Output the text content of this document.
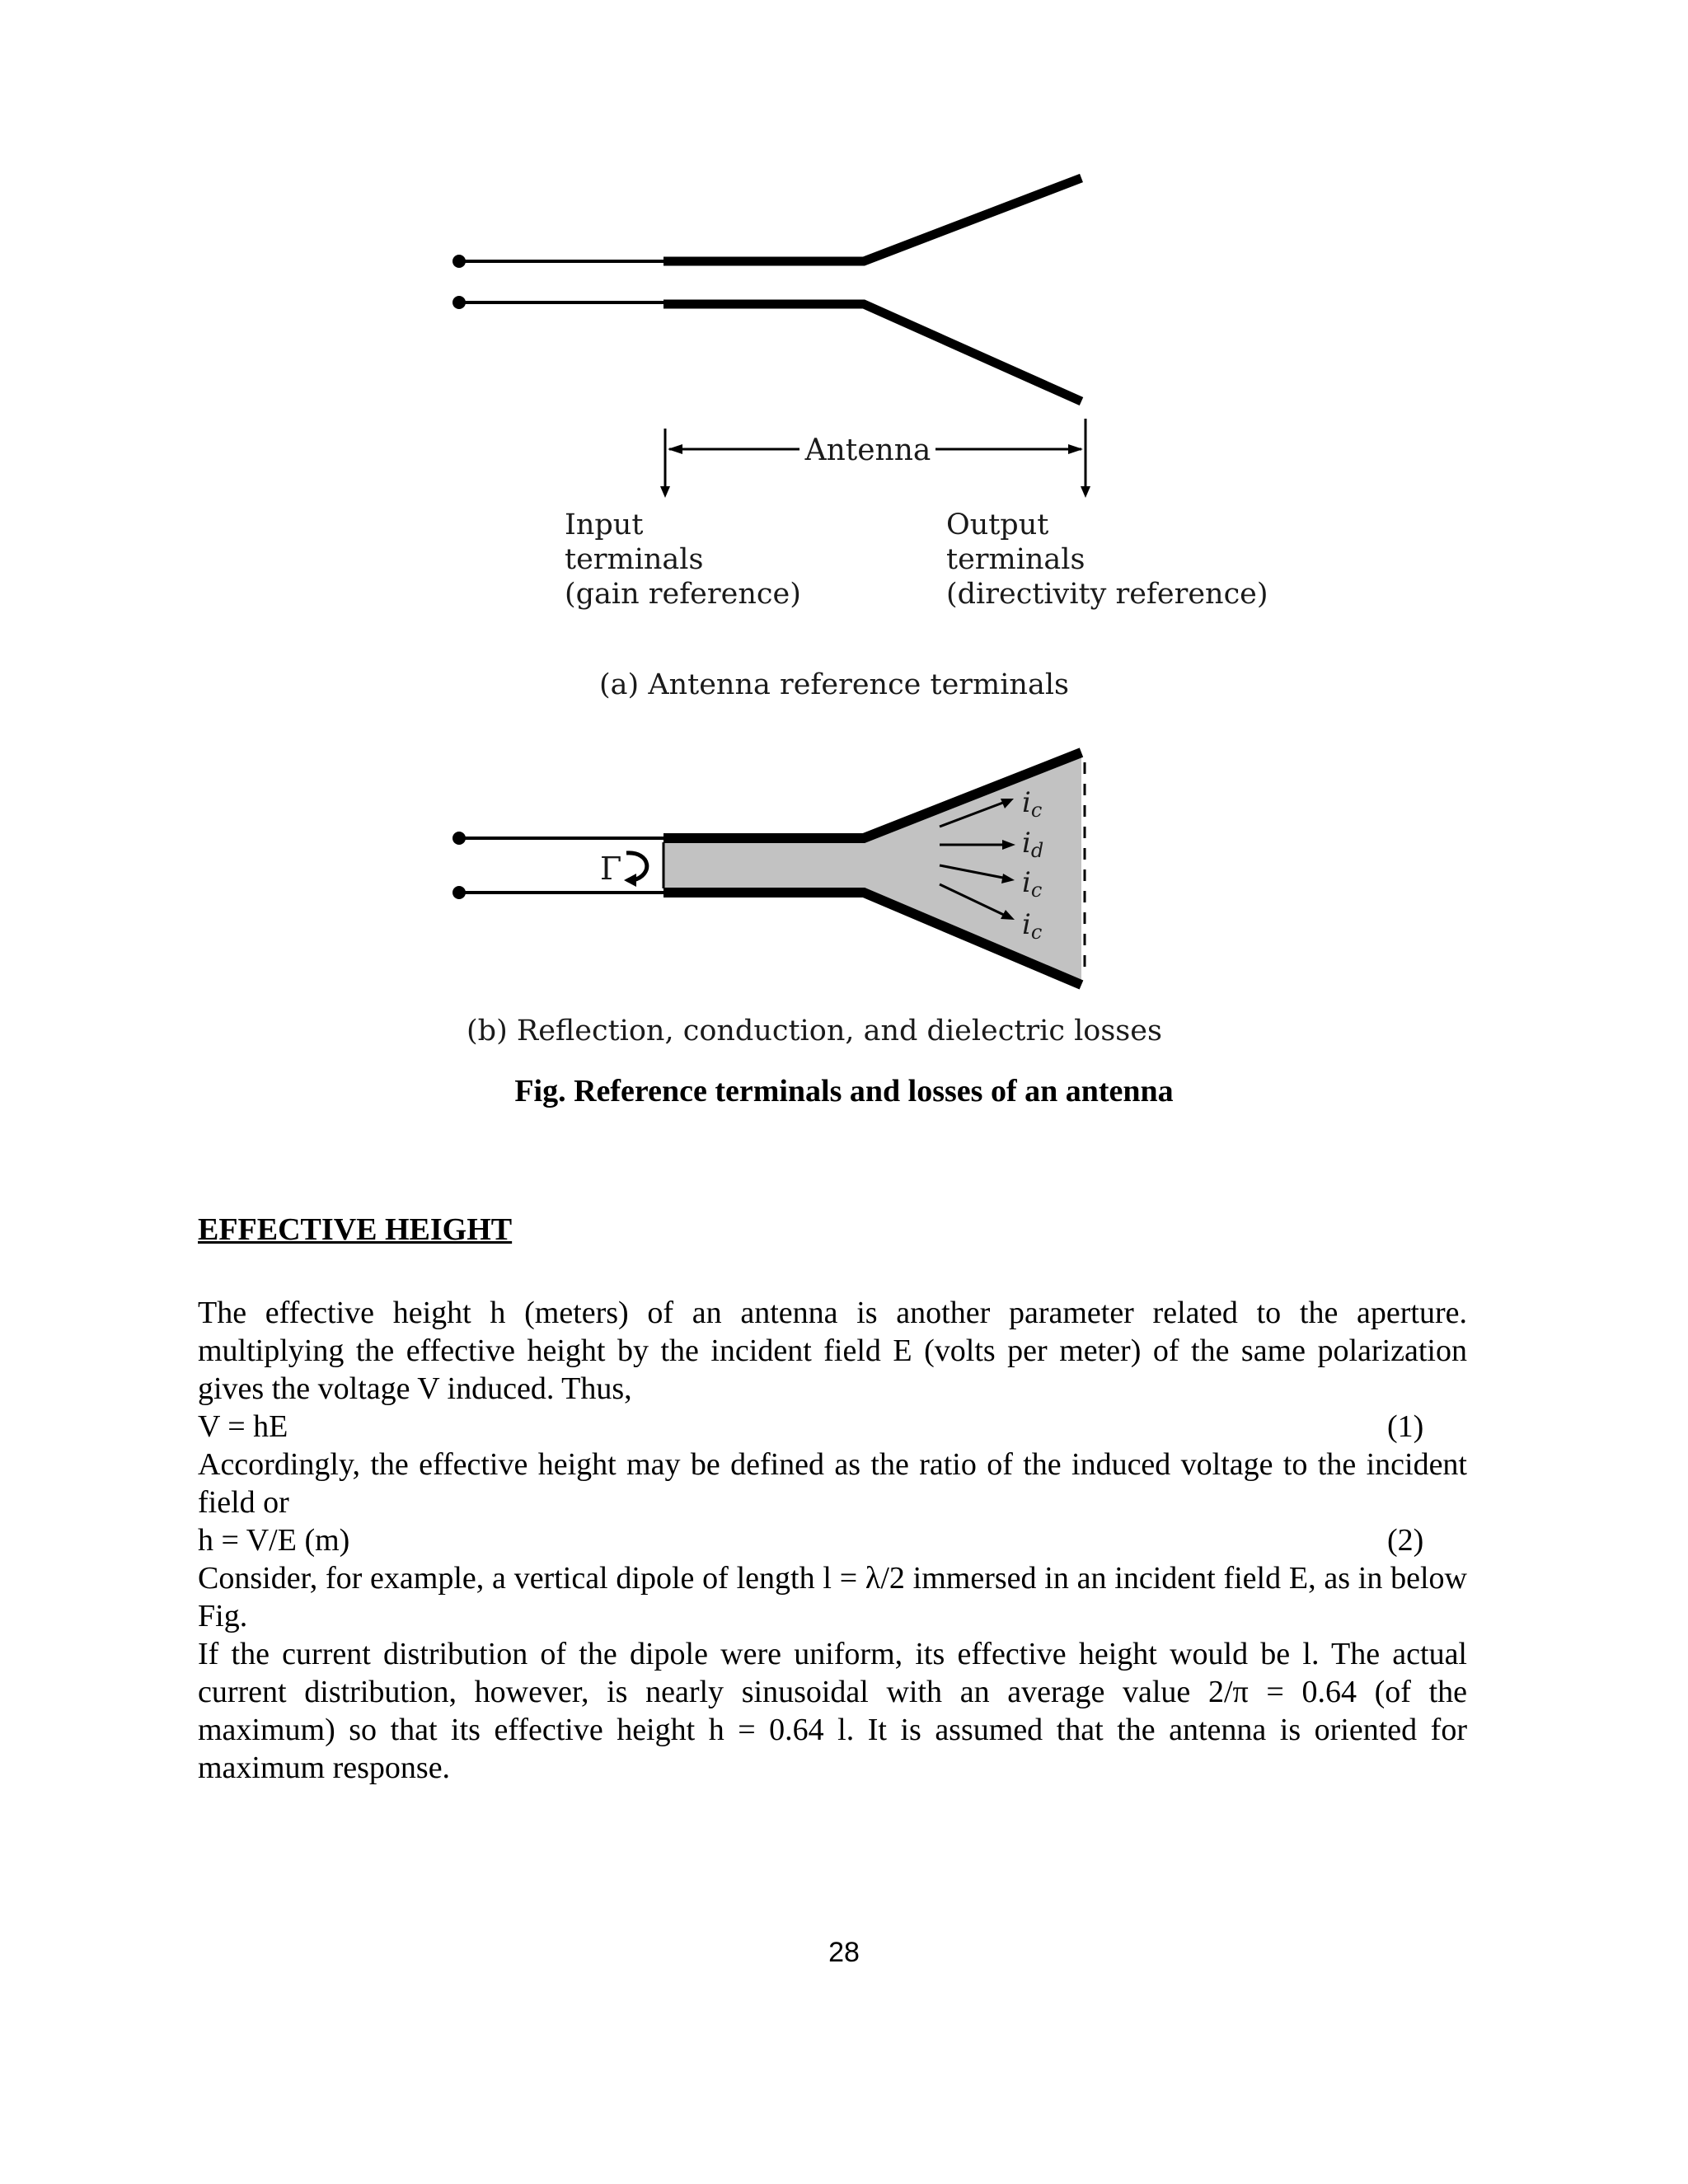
Antenna
Input terminals (gain reference)
Output terminals (directivity reference)
(a) Antenna reference terminals
Γ
ic
id
ic
ic
(b) Reflection, conduction, and dielectric losses
Fig. Reference terminals and losses of an antenna
EFFECTIVE HEIGHT
The effective height h (meters) of an antenna is another parameter related to the aperture. multiplying the effective height by the incident field E (volts per meter) of the same polarization gives the voltage V induced. Thus,
V = hE	(1)
Accordingly, the effective height may be defined as the ratio of the induced voltage to the incident field or
h = V/E (m)	(2)
Consider, for example, a vertical dipole of length l = λ/2 immersed in an incident field E, as in below Fig.
If the current distribution of the dipole were uniform, its effective height would be l. The actual current distribution, however, is nearly sinusoidal with an average value 2/π = 0.64 (of the maximum) so that its effective height h = 0.64 l. It is assumed that the antenna is oriented for maximum response.
28
